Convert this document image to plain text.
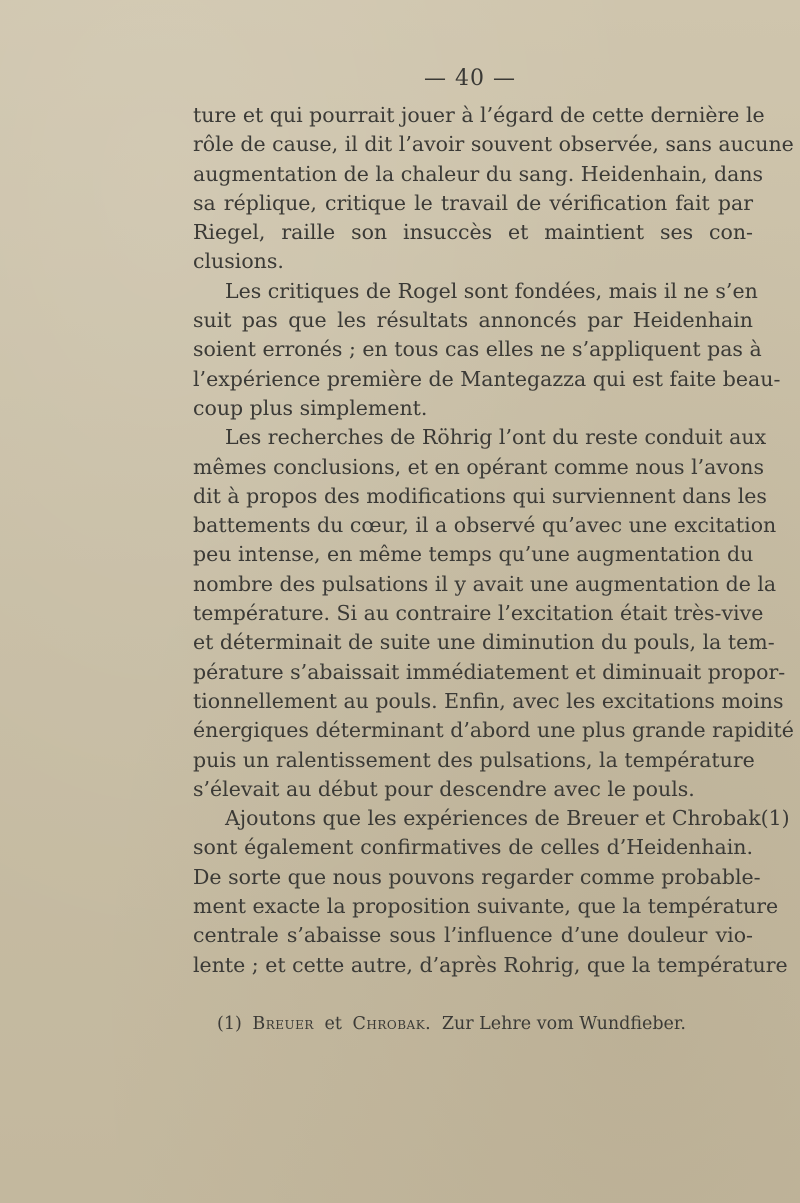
— 40 —
ture et qui pourrait jouer à l’égard de cette dernière le
rôle de cause, il dit l’avoir souvent observée, sans aucune
augmentation de la chaleur du sang. Heidenhain, dans
sa réplique, critique le travail de vérification fait par
Riegel, raille son insuccès et maintient ses con-
clusions.
Les critiques de Rogel sont fondées, mais il ne s’en
suit pas que les résultats annoncés par Heidenhain
soient erronés ; en tous cas elles ne s’appliquent pas à
l’expérience première de Mantegazza qui est faite beau-
coup plus simplement.
Les recherches de Röhrig l’ont du reste conduit aux
mêmes conclusions, et en opérant comme nous l’avons
dit à propos des modifications qui surviennent dans les
battements du cœur, il a observé qu’avec une excitation
peu intense, en même temps qu’une augmentation du
nombre des pulsations il y avait une augmentation de la
température. Si au contraire l’excitation était très-vive
et déterminait de suite une diminution du pouls, la tem-
pérature s’abaissait immédiatement et diminuait propor-
tionnellement au pouls. Enfin, avec les excitations moins
énergiques déterminant d’abord une plus grande rapidité
puis un ralentissement des pulsations, la température
s’élevait au début pour descendre avec le pouls.
Ajoutons que les expériences de Breuer et Chrobak(1)
sont également confirmatives de celles d’Heidenhain.
De sorte que nous pouvons regarder comme probable-
ment exacte la proposition suivante, que la température
centrale s’abaisse sous l’influence d’une douleur vio-
lente ; et cette autre, d’après Rohrig, que la température
(1) Breuer et Chrobak. Zur Lehre vom Wundfieber.
